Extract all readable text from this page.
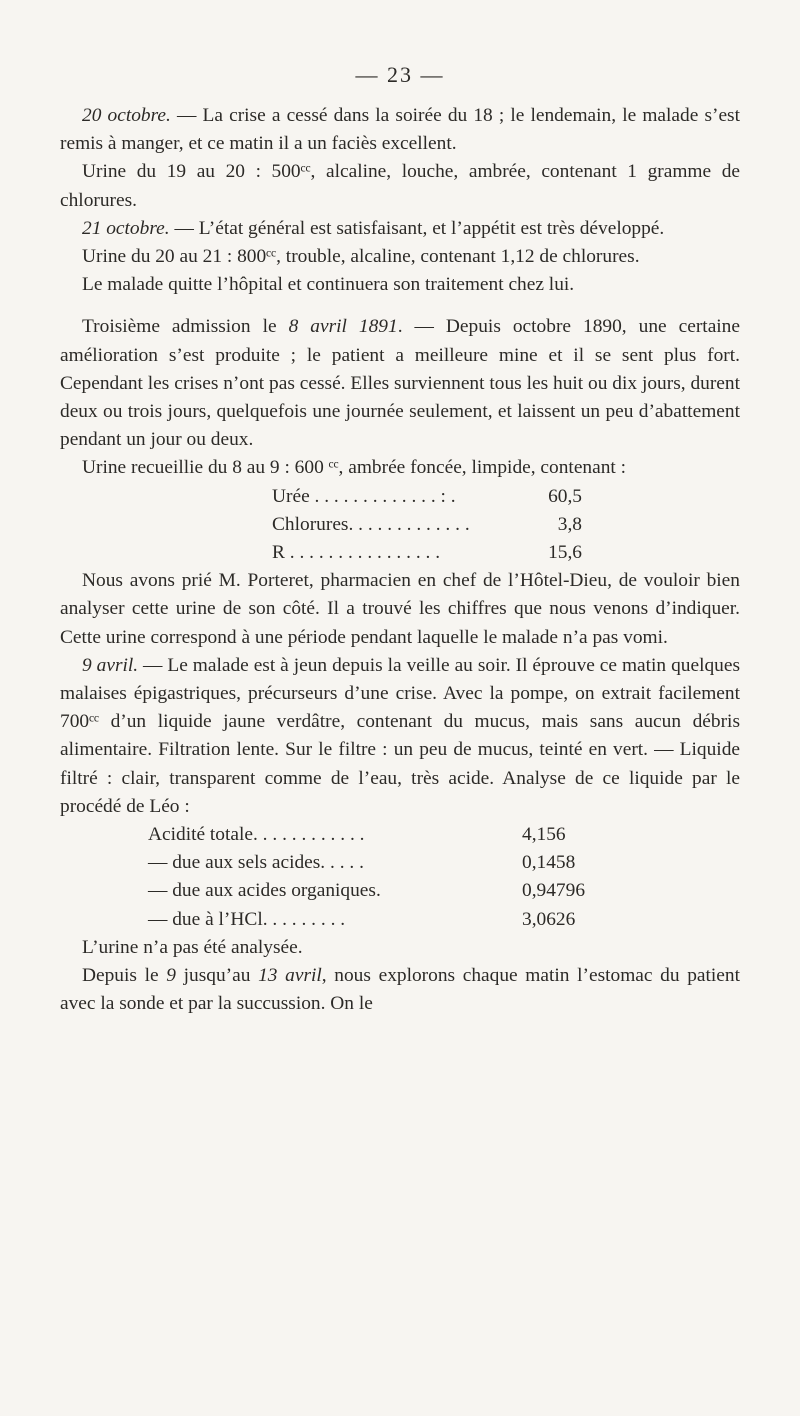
— 23 —

20 octobre. — La crise a cessé dans la soirée du 18 ; le lendemain, le malade s’est remis à manger, et ce matin il a un faciès excellent.

Urine du 19 au 20 : 500ᶜᶜ, alcaline, louche, ambrée, contenant 1 gramme de chlorures.

21 octobre. — L’état général est satisfaisant, et l’appétit est très développé.

Urine du 20 au 21 : 800ᶜᶜ, trouble, alcaline, contenant 1,12 de chlorures.

Le malade quitte l’hôpital et continuera son traitement chez lui.

Troisième admission le 8 avril 1891. — Depuis octobre 1890, une certaine amélioration s’est produite ; le patient a meilleure mine et il se sent plus fort. Cependant les crises n’ont pas cessé. Elles surviennent tous les huit ou dix jours, durent deux ou trois jours, quelquefois une journée seulement, et laissent un peu d’abattement pendant un jour ou deux.

Urine recueillie du 8 au 9 : 600 ᶜᶜ, ambrée foncée, limpide, contenant :

Urée . . . . . . . . . . . . . : .	60,5
Chlorures. . . . . . . . . . . . .	3,8
R . . . . . . . . . . . . . . . .	15,6

Nous avons prié M. Porteret, pharmacien en chef de l’Hôtel-Dieu, de vouloir bien analyser cette urine de son côté. Il a trouvé les chiffres que nous venons d’indiquer. Cette urine correspond à une période pendant laquelle le malade n’a pas vomi.

9 avril. — Le malade est à jeun depuis la veille au soir. Il éprouve ce matin quelques malaises épigastriques, précurseurs d’une crise. Avec la pompe, on extrait facilement 700ᶜᶜ d’un liquide jaune verdâtre, contenant du mucus, mais sans aucun débris alimentaire. Filtration lente. Sur le filtre : un peu de mucus, teinté en vert. — Liquide filtré : clair, transparent comme de l’eau, très acide. Analyse de ce liquide par le procédé de Léo :

Acidité totale. . . . . . . . . . . .	4,156
— due aux sels acides. . . . .	0,1458
— due aux acides organiques.	0,94796
— due à l’HCl. . . . . . . . .	3,0626

L’urine n’a pas été analysée.

Depuis le 9 jusqu’au 13 avril, nous explorons chaque matin l’estomac du patient avec la sonde et par la succussion. On le
